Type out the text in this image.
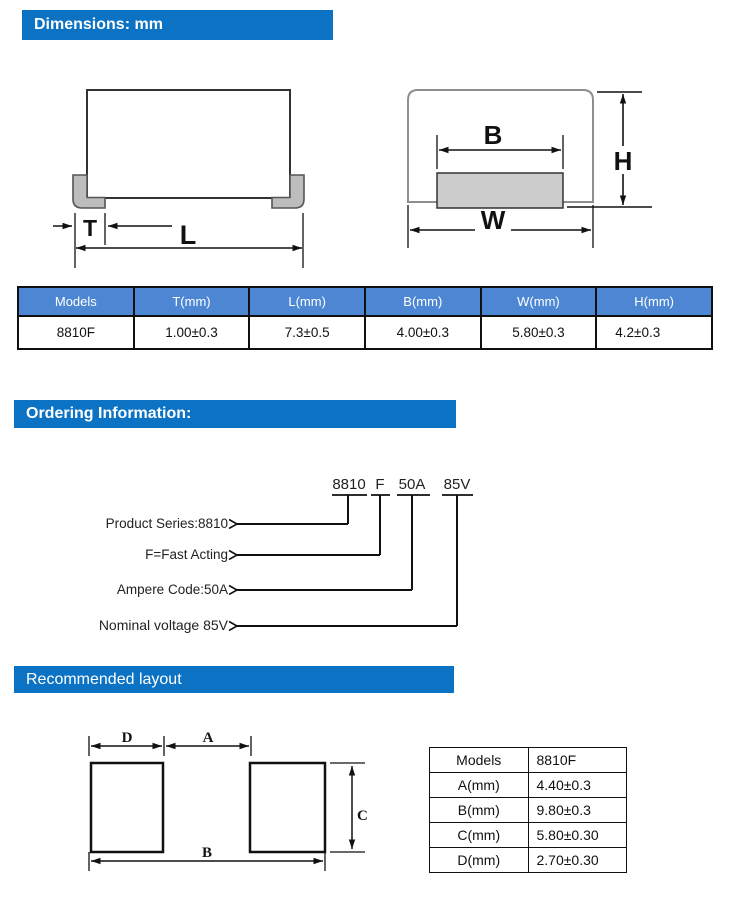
Dimensions: mm
T	L
B
W
H
Models	T(mm)	L(mm)	B(mm)	W(mm)	H(mm)
8810F	1.00±0.3	7.3±0.5	4.00±0.3	5.80±0.3	4.2±0.3
Ordering Information:
8810 F 50A 85V
Product Series:8810
F=Fast Acting
Ampere Code:50A
Nominal voltage 85V
Recommended layout
D	A
B
C
Models	8810F
A(mm)	4.40±0.3
B(mm)	9.80±0.3
C(mm)	5.80±0.30
D(mm)	2.70±0.30
